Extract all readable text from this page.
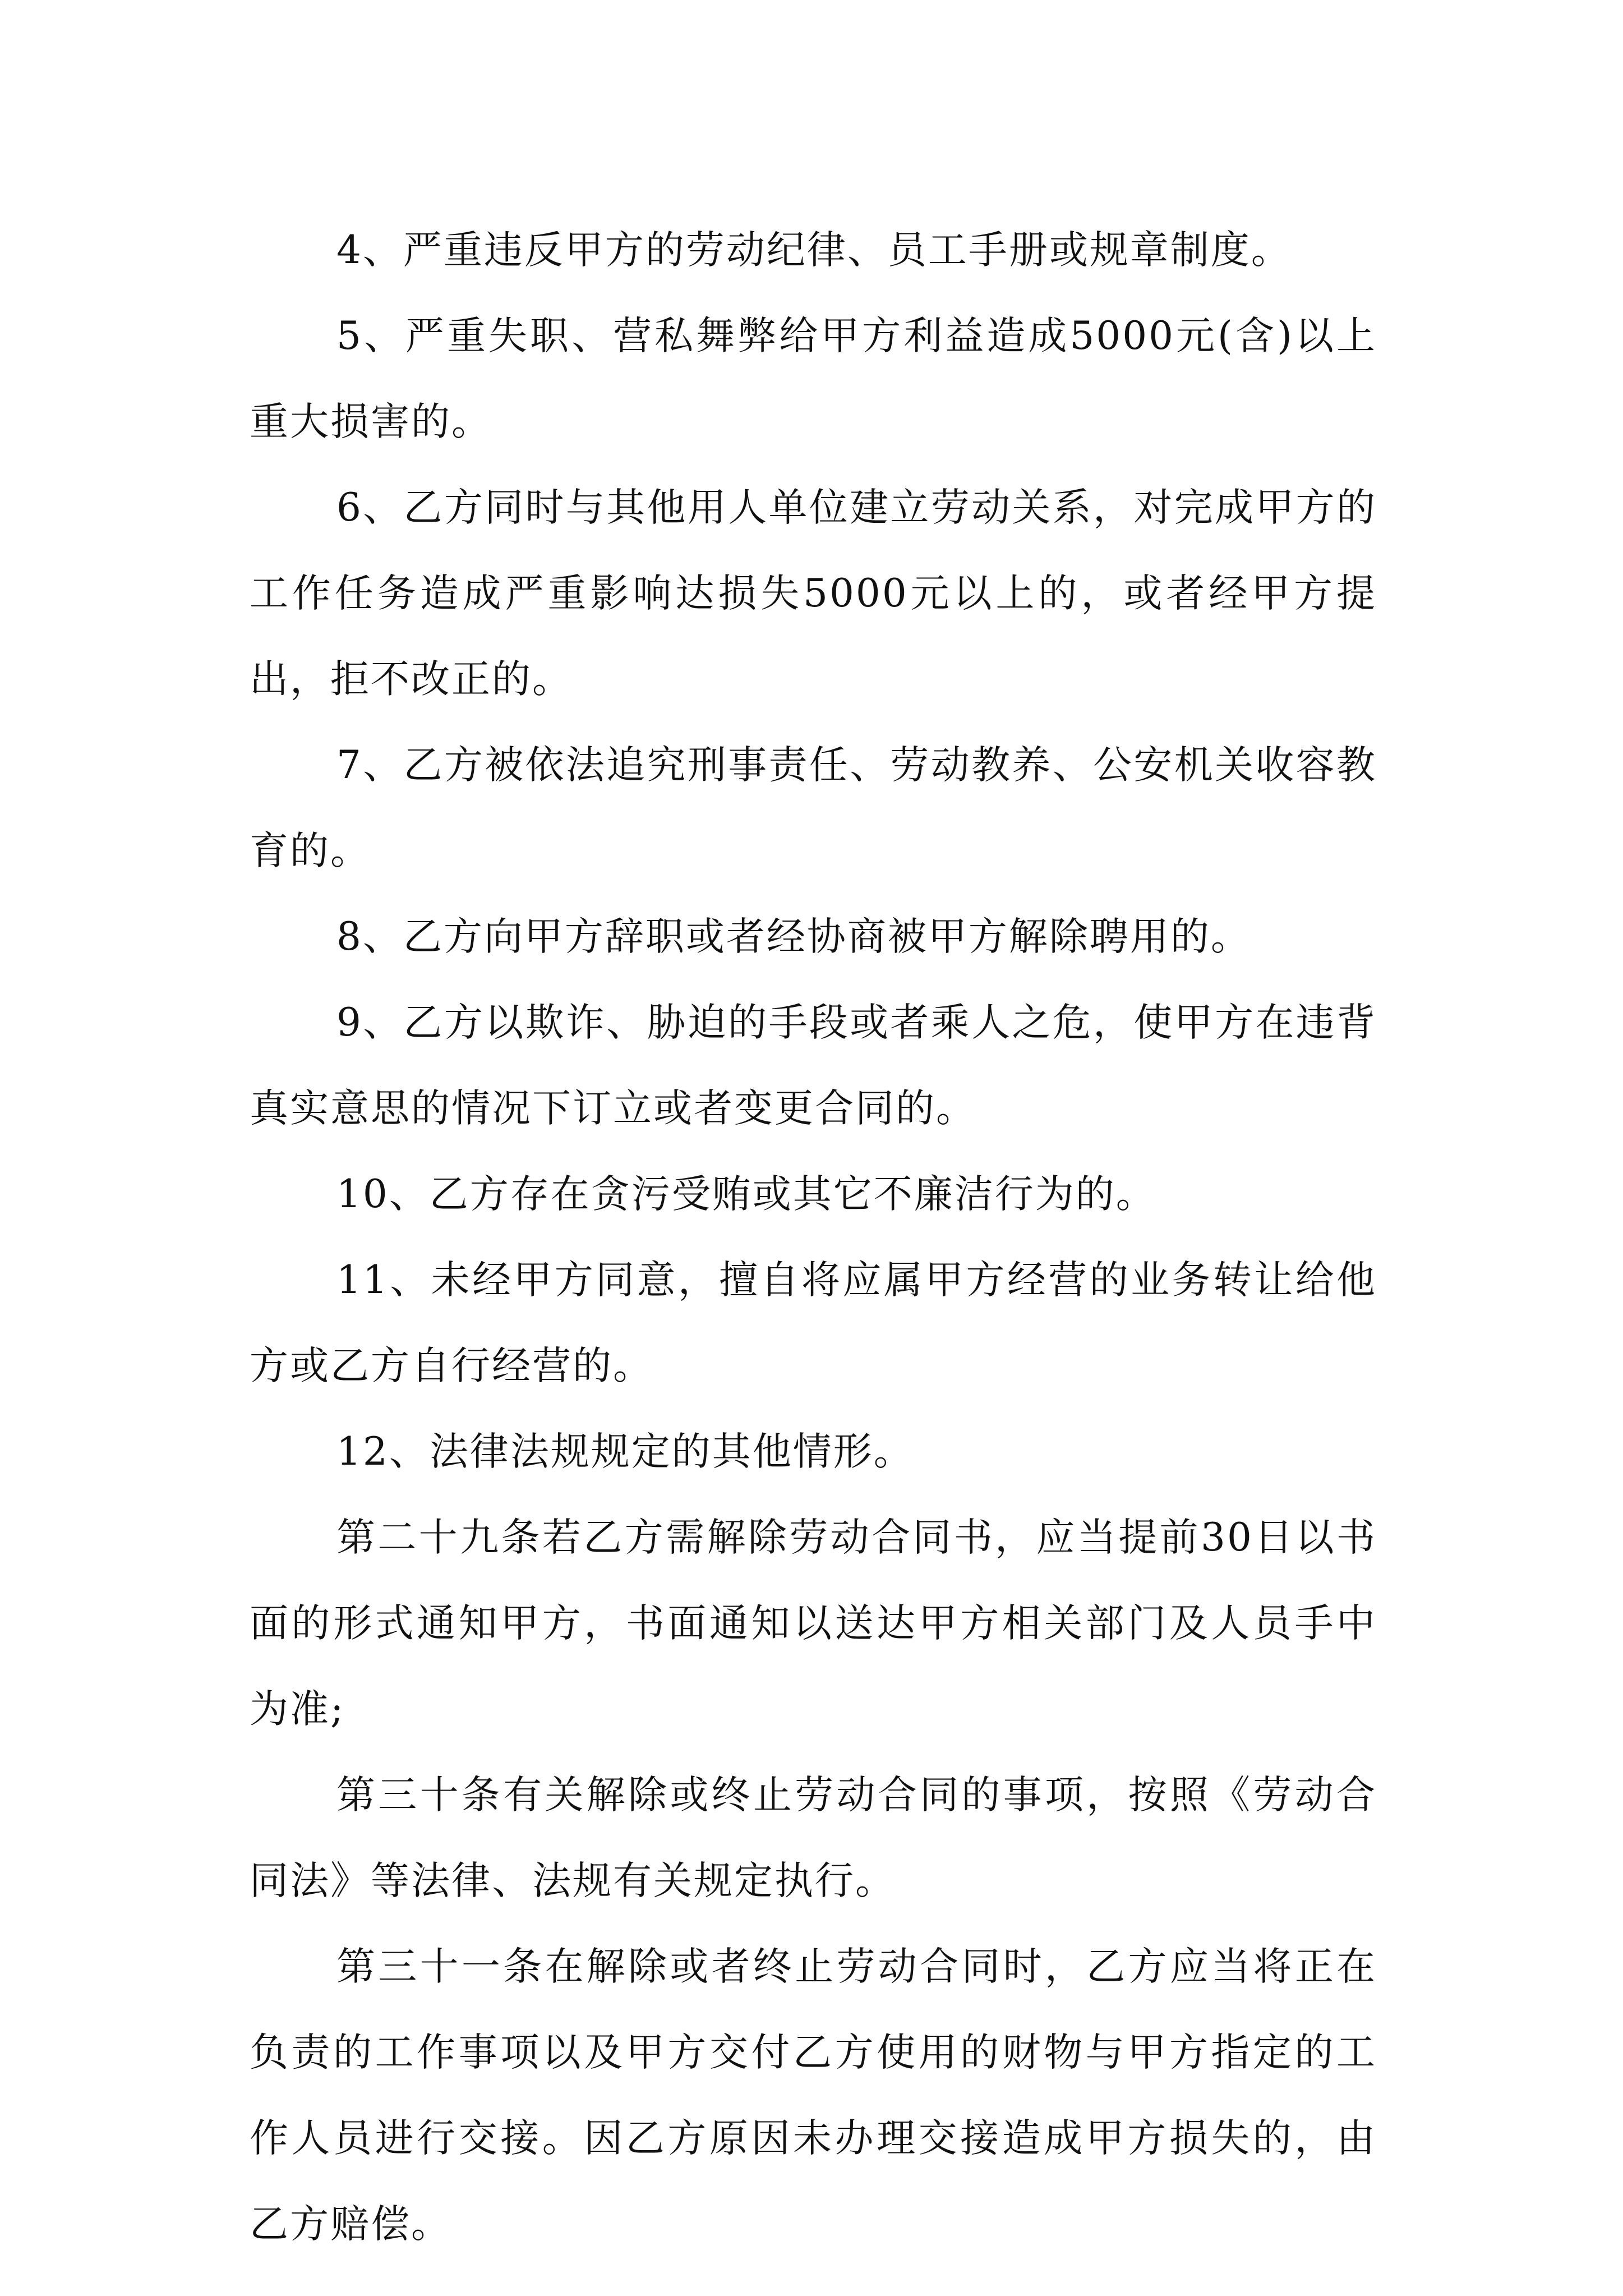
4、严重违反甲方的劳动纪律、员工手册或规章制度。

5、严重失职、营私舞弊给甲方利益造成5000元(含)以上重大损害的。

6、乙方同时与其他用人单位建立劳动关系，对完成甲方的工作任务造成严重影响达损失5000元以上的，或者经甲方提出，拒不改正的。

7、乙方被依法追究刑事责任、劳动教养、公安机关收容教育的。

8、乙方向甲方辞职或者经协商被甲方解除聘用的。

9、乙方以欺诈、胁迫的手段或者乘人之危，使甲方在违背真实意思的情况下订立或者变更合同的。

10、乙方存在贪污受贿或其它不廉洁行为的。

11、未经甲方同意，擅自将应属甲方经营的业务转让给他方或乙方自行经营的。

12、法律法规规定的其他情形。

第二十九条若乙方需解除劳动合同书，应当提前30日以书面的形式通知甲方，书面通知以送达甲方相关部门及人员手中为准;

第三十条有关解除或终止劳动合同的事项，按照《劳动合同法》等法律、法规有关规定执行。

第三十一条在解除或者终止劳动合同时，乙方应当将正在负责的工作事项以及甲方交付乙方使用的财物与甲方指定的工作人员进行交接。因乙方原因未办理交接造成甲方损失的，由乙方赔偿。
